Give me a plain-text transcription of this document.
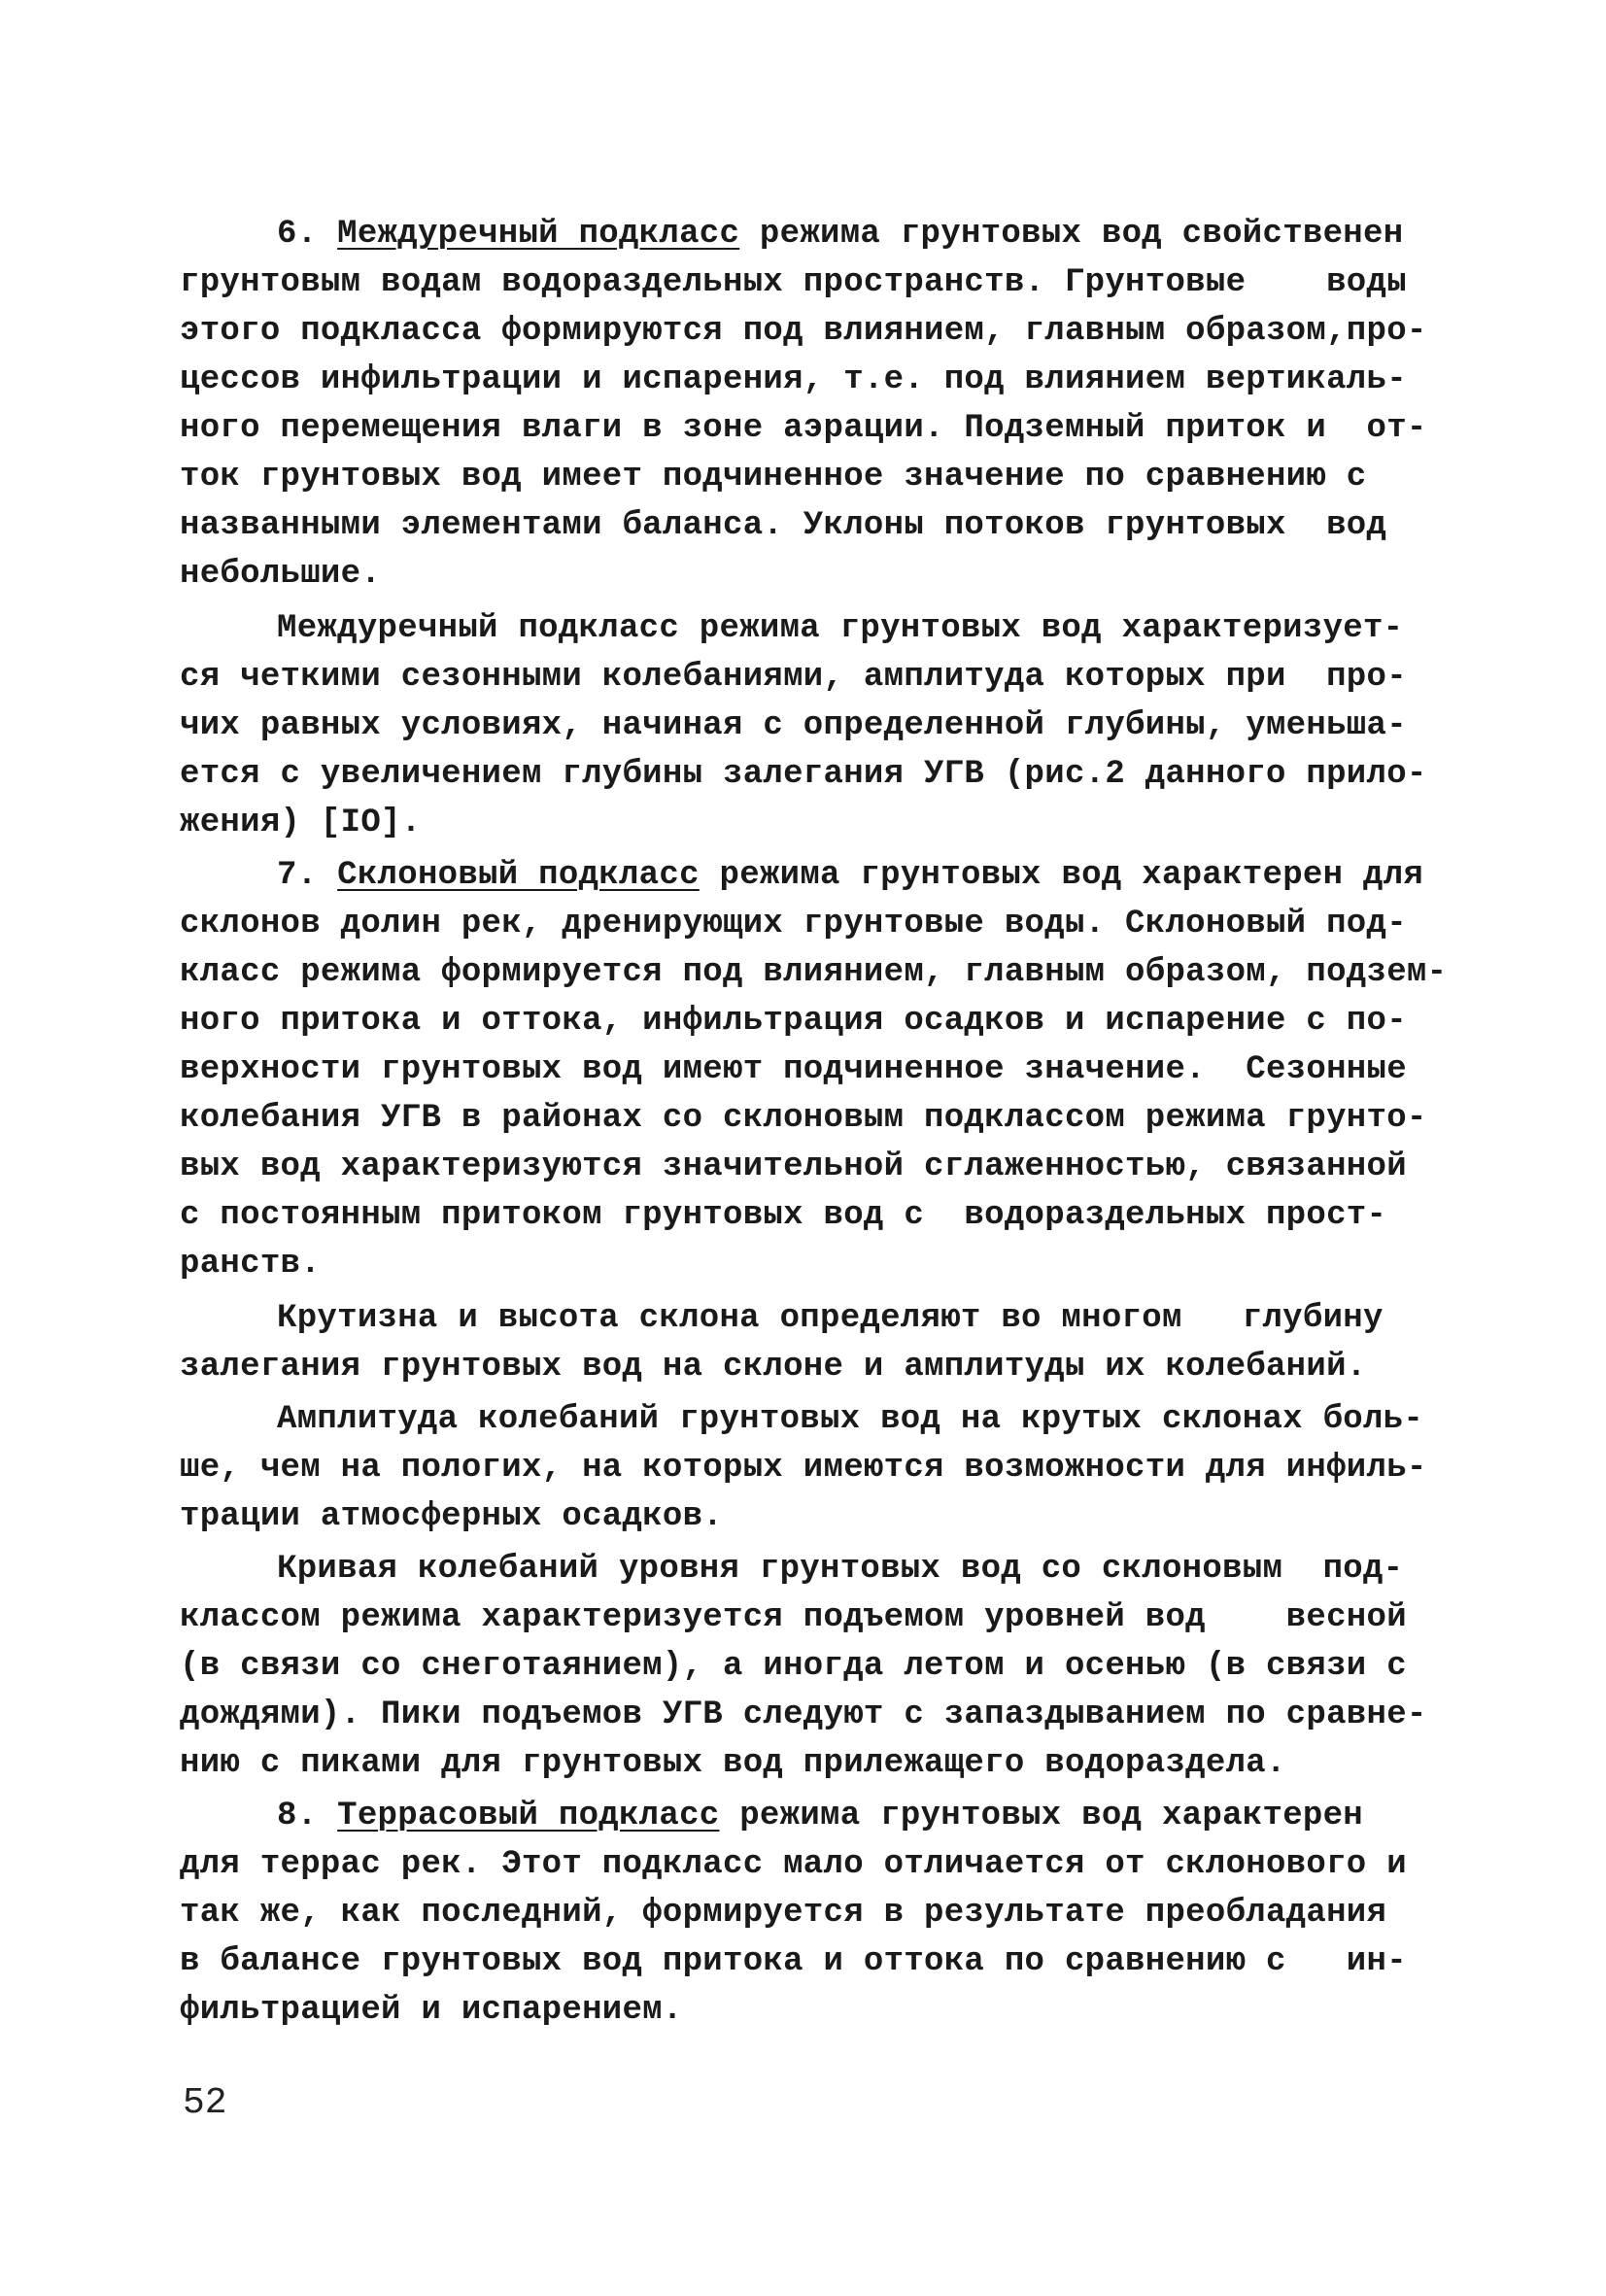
6. Междуречный подкласс режима грунтовых вод свойственен
грунтовым водам водораздельных пространств. Грунтовые    воды
этого подкласса формируются под влиянием, главным образом,про-
цессов инфильтрации и испарения, т.е. под влиянием вертикаль-
ного перемещения влаги в зоне аэрации. Подземный приток и  от-
ток грунтовых вод имеет подчиненное значение по сравнению с
названными элементами баланса. Уклоны потоков грунтовых  вод
небольшие.
Междуречный подкласс режима грунтовых вод характеризует-
ся четкими сезонными колебаниями, амплитуда которых при  про-
чих равных условиях, начиная с определенной глубины, уменьша-
ется с увеличением глубины залегания УГВ (рис.2 данного прило-
жения) [IO].
7. Склоновый подкласс режима грунтовых вод характерен для
склонов долин рек, дренирующих грунтовые воды. Склоновый под-
класс режима формируется под влиянием, главным образом, подзем-
ного притока и оттока, инфильтрация осадков и испарение с по-
верхности грунтовых вод имеют подчиненное значение.  Сезонные
колебания УГВ в районах со склоновым подклассом режима грунто-
вых вод характеризуются значительной сглаженностью, связанной
с постоянным притоком грунтовых вод с  водораздельных прост-
ранств.
Крутизна и высота склона определяют во многом   глубину
залегания грунтовых вод на склоне и амплитуды их колебаний.
Амплитуда колебаний грунтовых вод на крутых склонах боль-
ше, чем на пологих, на которых имеются возможности для инфиль-
трации атмосферных осадков.
Кривая колебаний уровня грунтовых вод со склоновым  под-
классом режима характеризуется подъемом уровней вод    весной
(в связи со снеготаянием), а иногда летом и осенью (в связи с
дождями). Пики подъемов УГВ следуют с запаздыванием по сравне-
нию с пиками для грунтовых вод прилежащего водораздела.
8. Террасовый подкласс режима грунтовых вод характерен
для террас рек. Этот подкласс мало отличается от склонового и
так же, как последний, формируется в результате преобладания
в балансе грунтовых вод притока и оттока по сравнению с   ин-
фильтрацией и испарением.
52
